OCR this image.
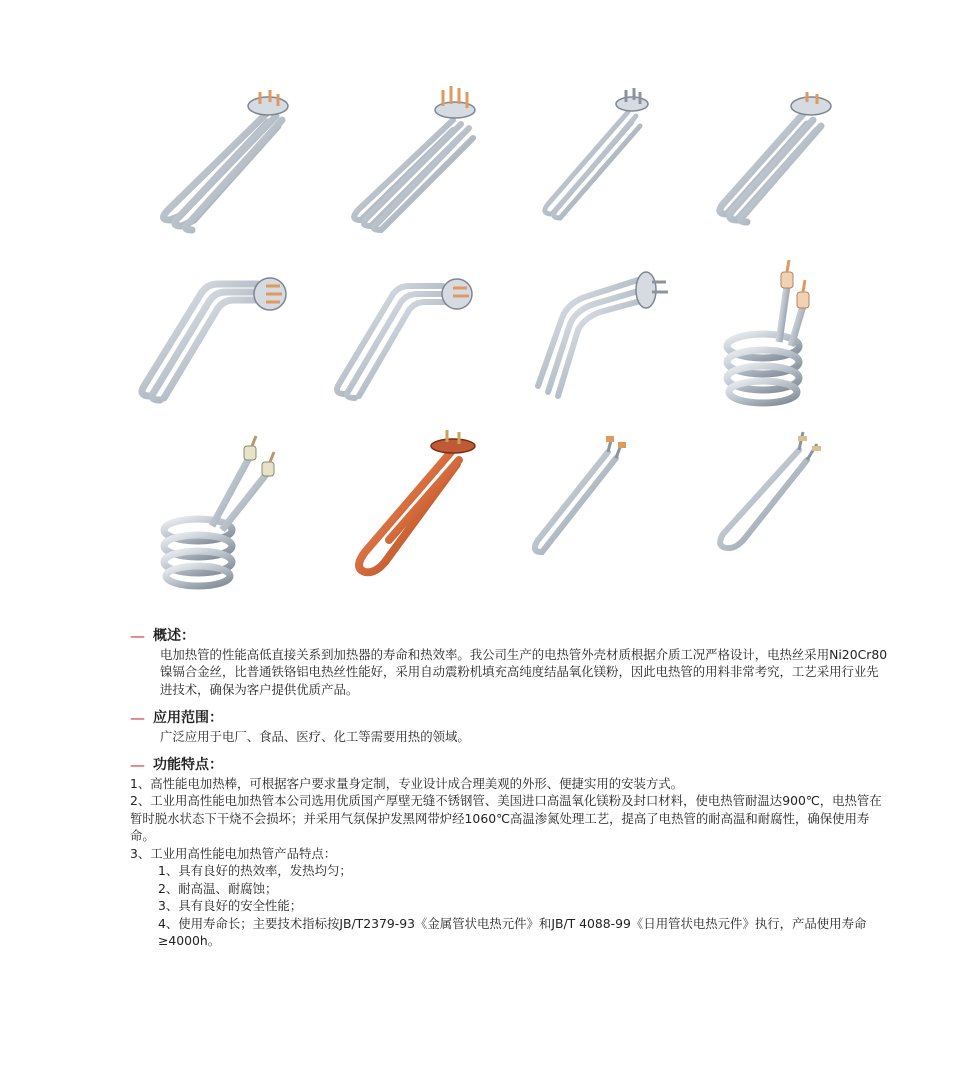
— 概述：

电加热管的性能高低直接关系到加热器的寿命和热效率。我公司生产的电热管外壳材质根据介质工况严格设计，电热丝采用Ni20Cr80镍镉合金丝，比普通铁铬铝电热丝性能好，采用自动震粉机填充高纯度结晶氧化镁粉，因此电热管的用料非常考究，工艺采用行业先进技术，确保为客户提供优质产品。

— 应用范围：

广泛应用于电厂、食品、医疗、化工等需要用热的领域。

— 功能特点：

1、高性能电加热棒，可根据客户要求量身定制，专业设计成合理美观的外形、便捷实用的安装方式。

2、工业用高性能电加热管本公司选用优质国产厚壁无缝不锈钢管、美国进口高温氧化镁粉及封口材料，使电热管耐温达900℃，电热管在暂时脱水状态下干烧不会损坏；并采用气氛保护发黑网带炉经1060℃高温渗氮处理工艺，提高了电热管的耐高温和耐腐性，确保使用寿命。

3、工业用高性能电加热管产品特点：

1、具有良好的热效率，发热均匀；

2、耐高温、耐腐蚀；

3、具有良好的安全性能；

4、使用寿命长；主要技术指标按JB/T2379-93《金属管状电热元件》和JB/T 4088-99《日用管状电热元件》执行，产品使用寿命≥4000h。
